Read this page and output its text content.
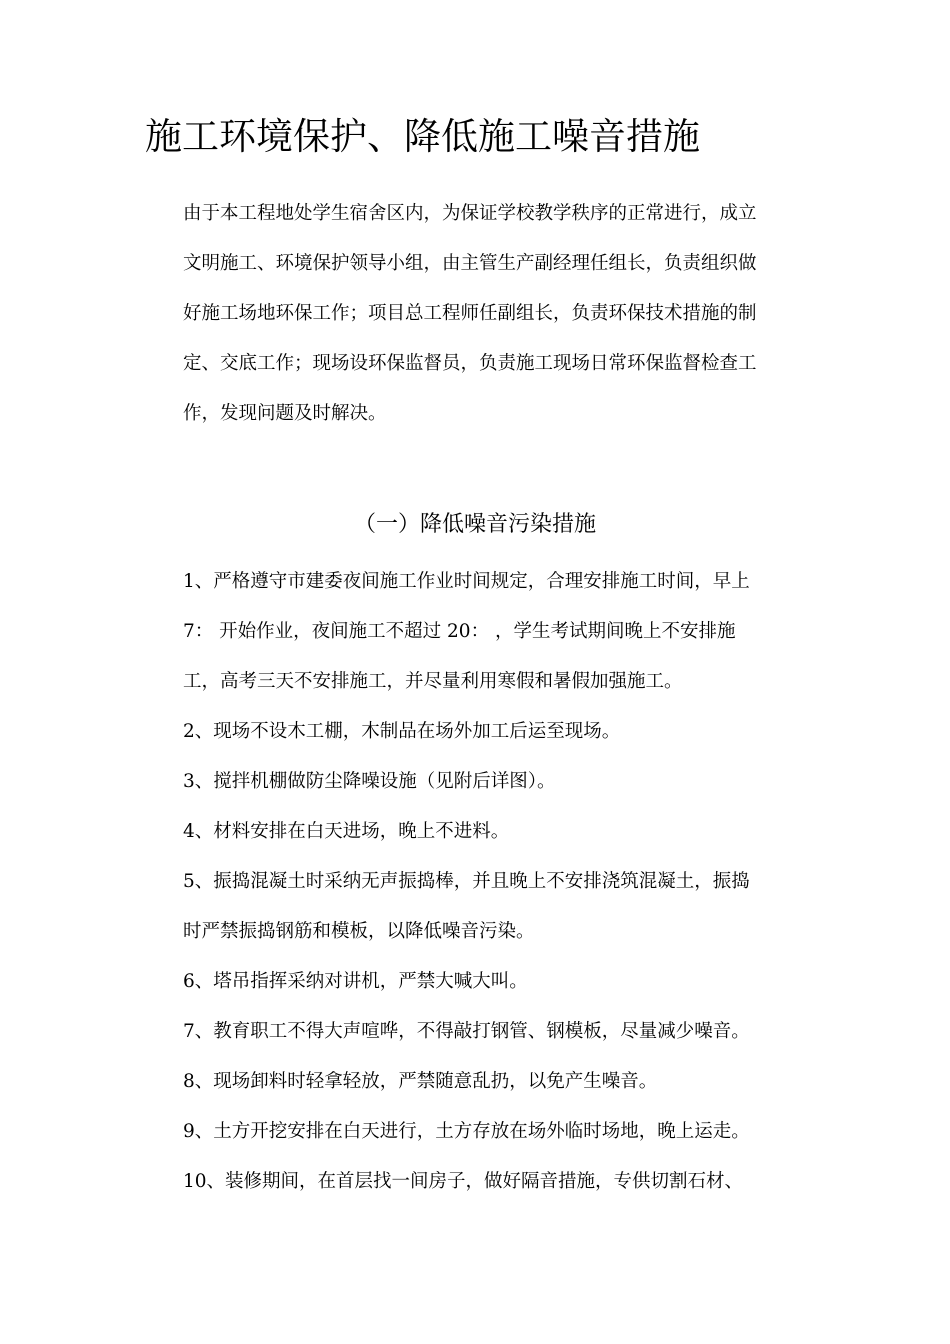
施工环境保护、降低施工噪音措施
由于本工程地处学生宿舍区内，为保证学校教学秩序的正常进行，成立
文明施工、环境保护领导小组，由主管生产副经理任组长，负责组织做
好施工场地环保工作；项目总工程师任副组长，负责环保技术措施的制
定、交底工作；现场设环保监督员，负责施工现场日常环保监督检查工
作，发现问题及时解决。
（一）降低噪音污染措施
1、严格遵守市建委夜间施工作业时间规定，合理安排施工时间，早上
7： 开始作业，夜间施工不超过 20： ，学生考试期间晚上不安排施
工，高考三天不安排施工，并尽量利用寒假和暑假加强施工。
2、现场不设木工棚，木制品在场外加工后运至现场。
3、搅拌机棚做防尘降噪设施（见附后详图）。
4、材料安排在白天进场，晚上不进料。
5、振捣混凝土时采纳无声振捣棒，并且晚上不安排浇筑混凝土，振捣
时严禁振捣钢筋和模板，以降低噪音污染。
6、塔吊指挥采纳对讲机，严禁大喊大叫。
7、教育职工不得大声喧哗，不得敲打钢管、钢模板，尽量减少噪音。
8、现场卸料时轻拿轻放，严禁随意乱扔，以免产生噪音。
9、土方开挖安排在白天进行，土方存放在场外临时场地，晚上运走。
10、装修期间，在首层找一间房子，做好隔音措施，专供切割石材、
